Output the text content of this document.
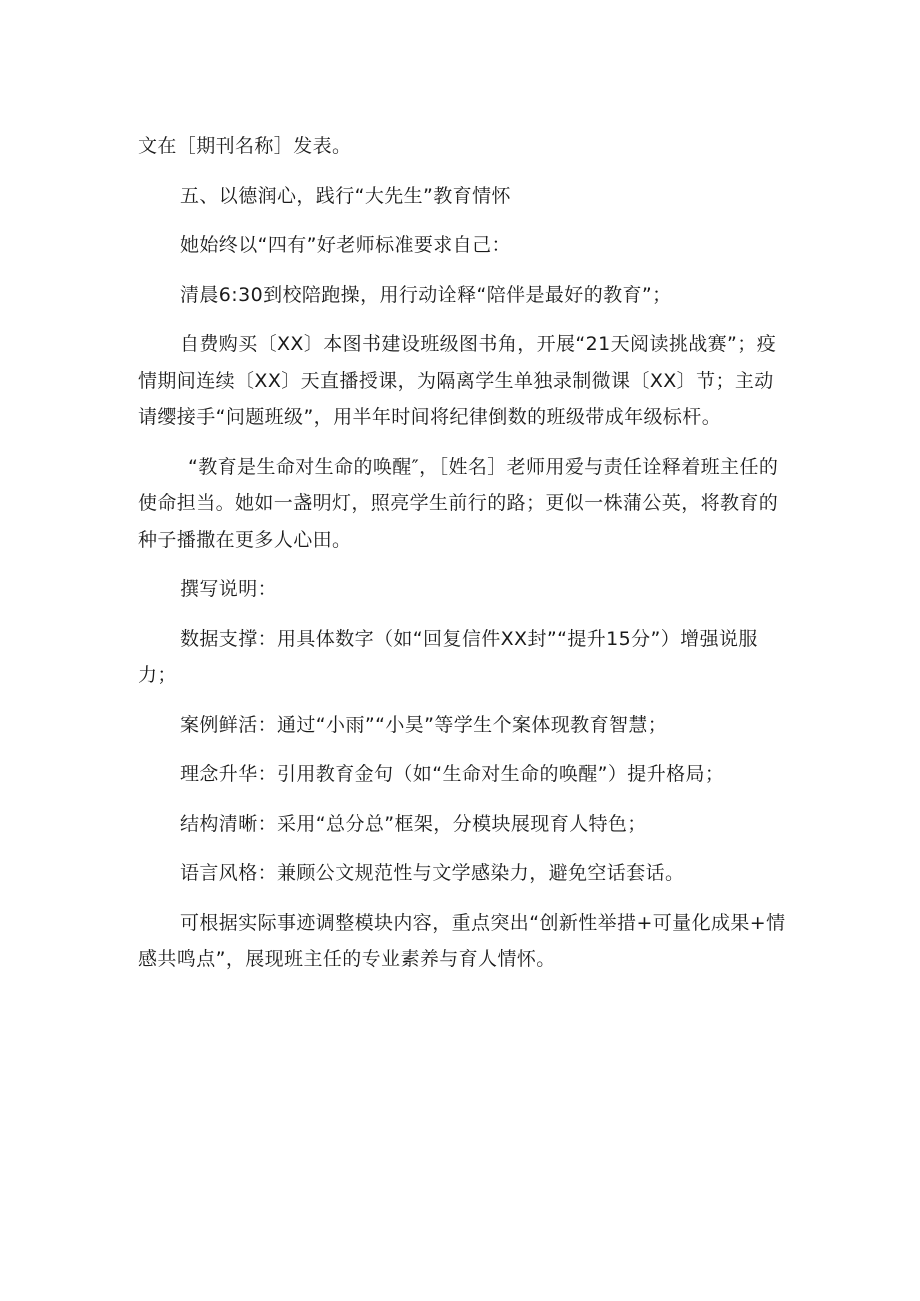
文在［期刊名称］发表。

五、以德润心，践行“大先生”教育情怀

她始终以“四有”好老师标准要求自己：

清晨6:30到校陪跑操，用行动诠释“陪伴是最好的教育”；

自费购买〔XX〕本图书建设班级图书角，开展“21天阅读挑战赛”；疫情期间连续〔XX〕天直播授课，为隔离学生单独录制微课〔XX〕节；主动请缨接手“问题班级”，用半年时间将纪律倒数的班级带成年级标杆。

“教育是生命对生命的唤醒″，［姓名］老师用爱与责任诠释着班主任的使命担当。她如一盏明灯，照亮学生前行的路；更似一株蒲公英，将教育的种子播撒在更多人心田。

撰写说明：

数据支撑：用具体数字（如“回复信件XX封”“提升15分”）增强说服力；

案例鲜活：通过“小雨”“小昊”等学生个案体现教育智慧；

理念升华：引用教育金句（如“生命对生命的唤醒”）提升格局；

结构清晰：采用“总分总”框架，分模块展现育人特色；

语言风格：兼顾公文规范性与文学感染力，避免空话套话。

可根据实际事迹调整模块内容，重点突出“创新性举措+可量化成果+情感共鸣点”，展现班主任的专业素养与育人情怀。
